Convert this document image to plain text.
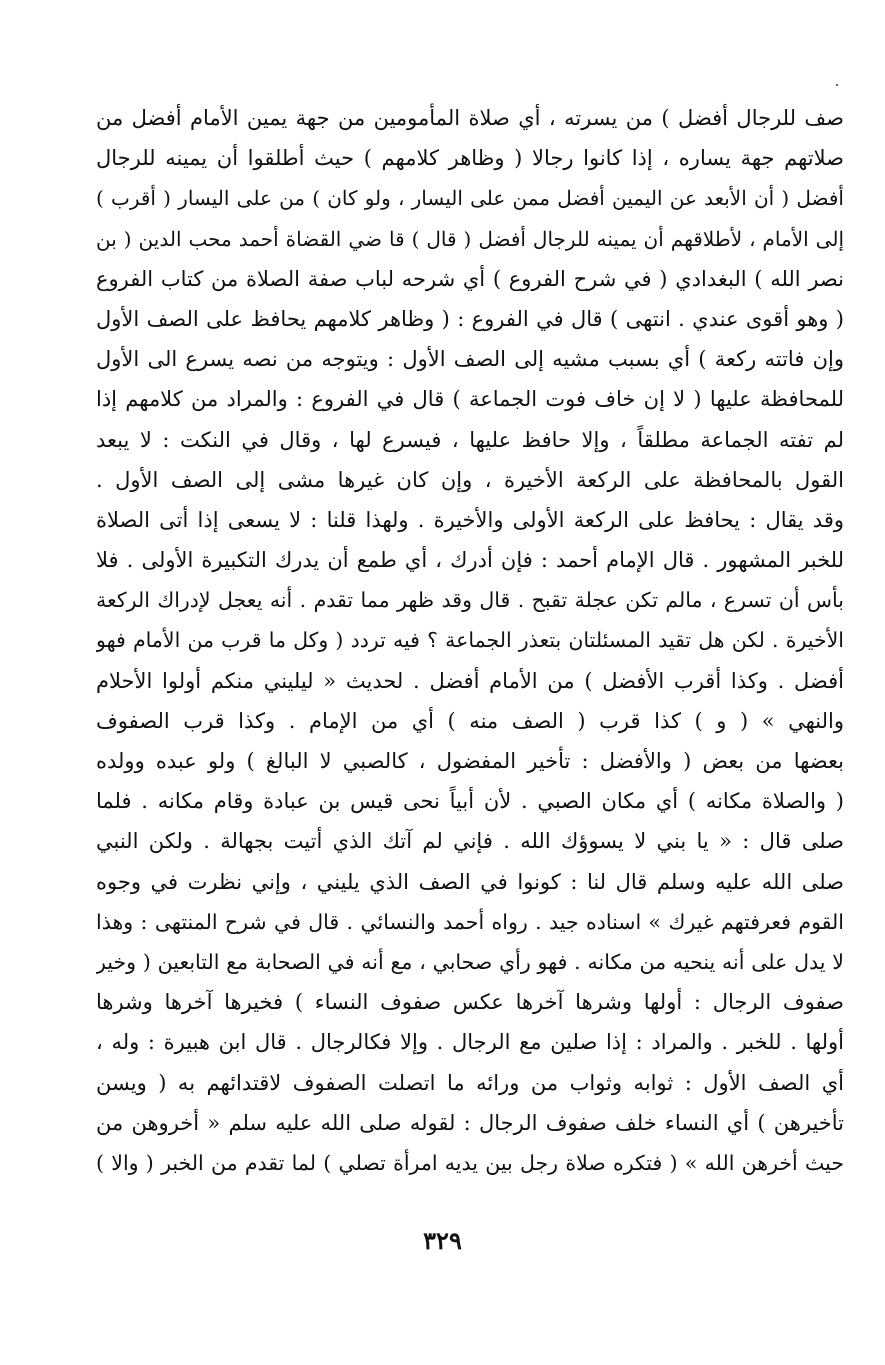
صف للرجال أفضل ) من يسرته ، أي صلاة المأمومين من جهة يمين الأمام أفضل من
صلاتهم جهة يساره ، إذا كانوا رجالا ( وظاهر كلامهم ) حيث أطلقوا أن يمينه للرجال
أفضل ( أن الأبعد عن اليمين أفضل ممن على اليسار ، ولو كان ) من على اليسار ( أقرب )
إلى الأمام ، لأطلاقهم أن يمينه للرجال أفضل ( قال ) قا ضي القضاة أحمد محب الدين ( بن
نصر الله ) البغدادي ( في شرح الفروع ) أي شرحه لباب صفة الصلاة من كتاب الفروع
( وهو أقوى عندي . انتهى ) قال في الفروع : ( وظاهر كلامهم يحافظ على الصف الأول
وإن فاتته ركعة ) أي بسبب مشيه إلى الصف الأول : ويتوجه من نصه يسرع الى الأول
للمحافظة عليها ( لا إن خاف فوت الجماعة ) قال في الفروع : والمراد من كلامهم إذا
لم تفته الجماعة مطلقاً ، وإلا حافظ عليها ، فيسرع لها ، وقال في النكت : لا يبعد
القول بالمحافظة على الركعة الأخيرة ، وإن كان غيرها مشى إلى الصف الأول .
وقد يقال : يحافظ على الركعة الأولى والأخيرة . ولهذا قلنا : لا يسعى إذا أتى الصلاة
للخبر المشهور . قال الإمام أحمد : فإن أدرك ، أي طمع أن يدرك التكبيرة الأولى . فلا
بأس أن تسرع ، مالم تكن عجلة تقبح . قال وقد ظهر مما تقدم . أنه يعجل لإدراك الركعة
الأخيرة . لكن هل تقيد المسئلتان بتعذر الجماعة ؟ فيه تردد ( وكل ما قرب من الأمام فهو
أفضل . وكذا أقرب الأفضل ) من الأمام أفضل . لحديث « ليليني منكم أولوا الأحلام
والنهي » ( و ) كذا قرب ( الصف منه ) أي من الإمام . وكذا قرب الصفوف
بعضها من بعض ( والأفضل : تأخير المفضول ، كالصبي لا البالغ ) ولو عبده وولده
( والصلاة مكانه ) أي مكان الصبي . لأن أبياً نحى قيس بن عبادة وقام مكانه . فلما
صلى قال : « يا بني لا يسوؤك الله . فإني لم آتك الذي أتيت بجهالة . ولكن النبي
صلى الله عليه وسلم قال لنا : كونوا في الصف الذي يليني ، وإني نظرت في وجوه
القوم فعرفتهم غيرك » اسناده جيد . رواه أحمد والنسائي . قال في شرح المنتهى : وهذا
لا يدل على أنه ينحيه من مكانه . فهو رأي صحابي ، مع أنه في الصحابة مع التابعين ( وخير
صفوف الرجال : أولها وشرها آخرها عكس صفوف النساء ) فخيرها آخرها وشرها
أولها . للخبر . والمراد : إذا صلين مع الرجال . وإلا فكالرجال . قال ابن هبيرة : وله ،
أي الصف الأول : ثوابه وثواب من ورائه ما اتصلت الصفوف لاقتدائهم به ( ويسن
تأخيرهن ) أي النساء خلف صفوف الرجال : لقوله صلى الله عليه سلم « أخروهن من
حيث أخرهن الله » ( فتكره صلاة رجل بين يديه امرأة تصلي ) لما تقدم من الخبر ( والا )
٣٢٩
